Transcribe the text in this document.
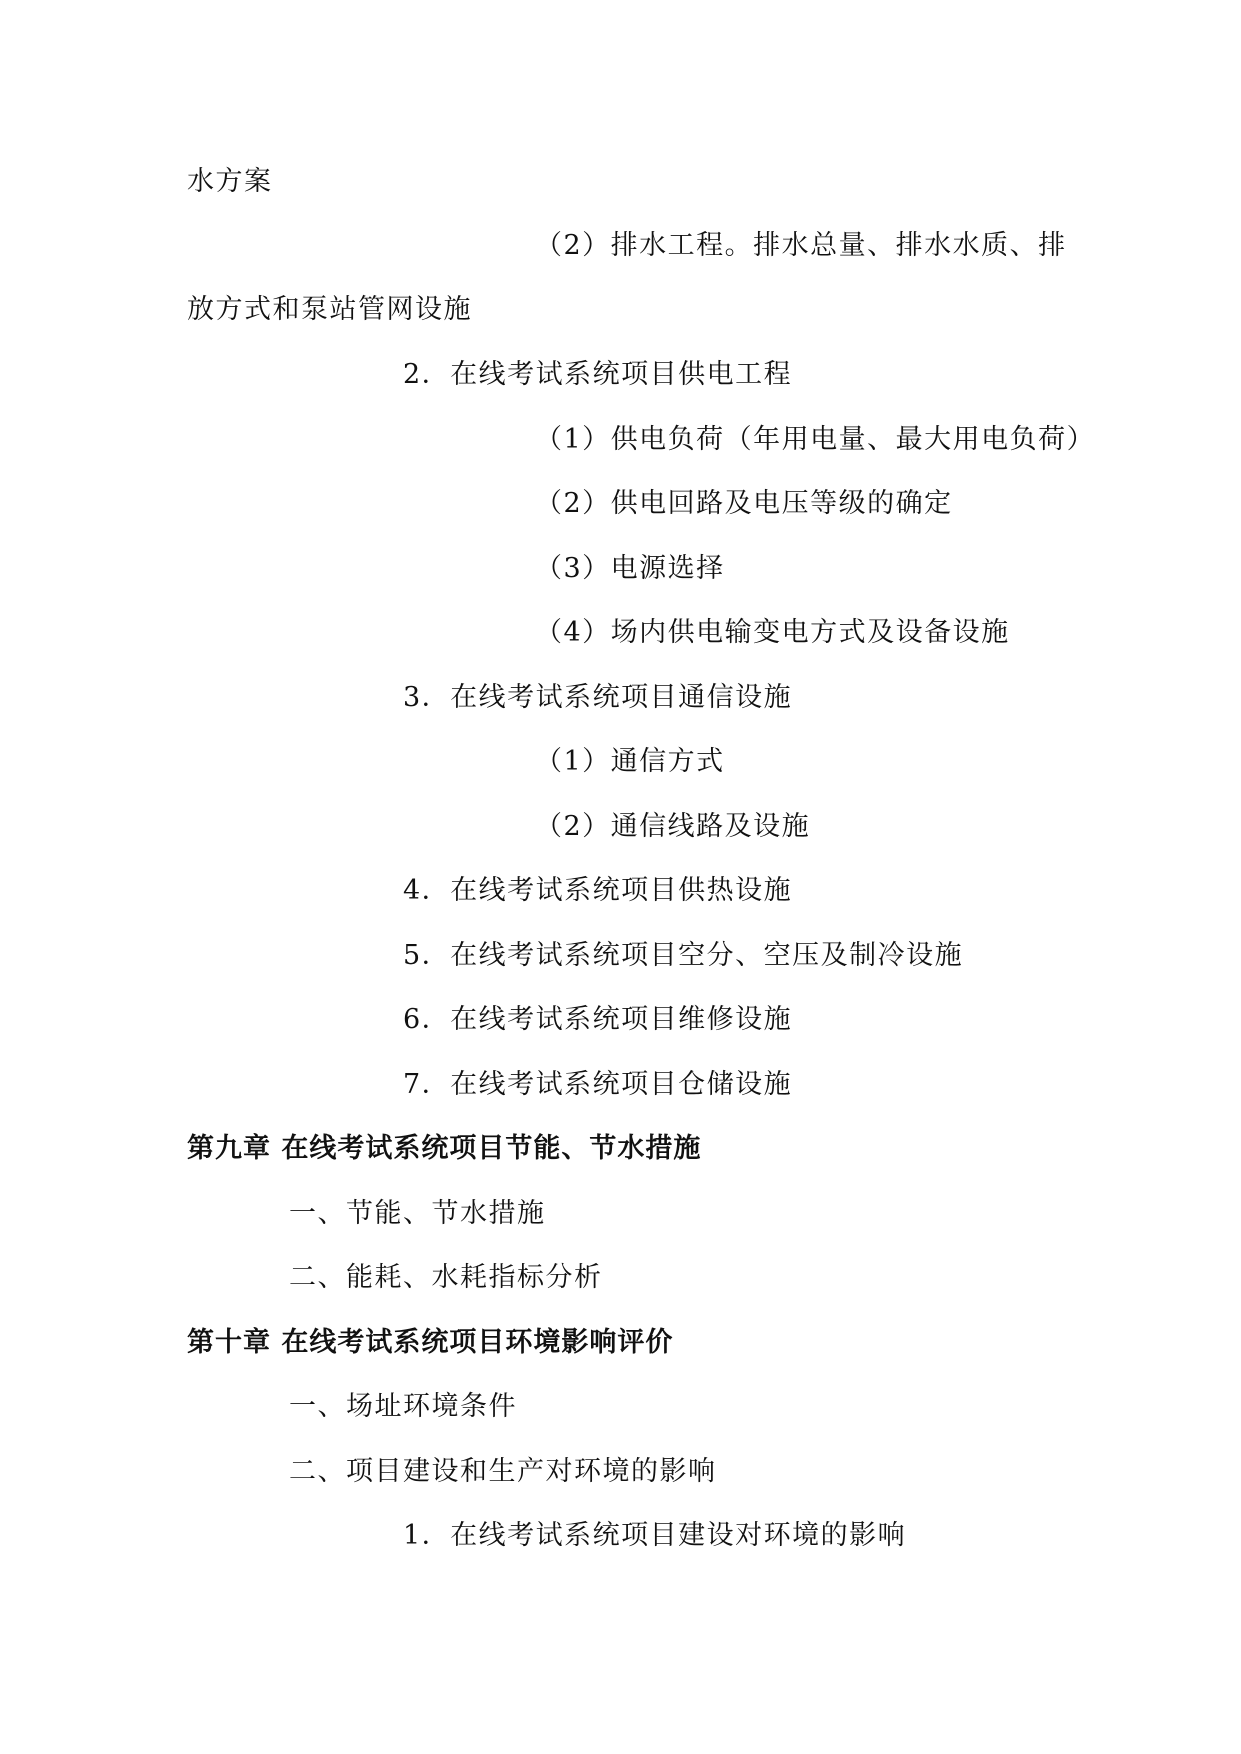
水方案
（2）排水工程。排水总量、排水水质、排
放方式和泵站管网设施
2．在线考试系统项目供电工程
（1）供电负荷（年用电量、最大用电负荷）
（2）供电回路及电压等级的确定
（3）电源选择
（4）场内供电输变电方式及设备设施
3．在线考试系统项目通信设施
（1）通信方式
（2）通信线路及设施
4．在线考试系统项目供热设施
5．在线考试系统项目空分、空压及制冷设施
6．在线考试系统项目维修设施
7．在线考试系统项目仓储设施
第九章 在线考试系统项目节能、节水措施
一、节能、节水措施
二、能耗、水耗指标分析
第十章 在线考试系统项目环境影响评价
一、场址环境条件
二、项目建设和生产对环境的影响
1．在线考试系统项目建设对环境的影响
